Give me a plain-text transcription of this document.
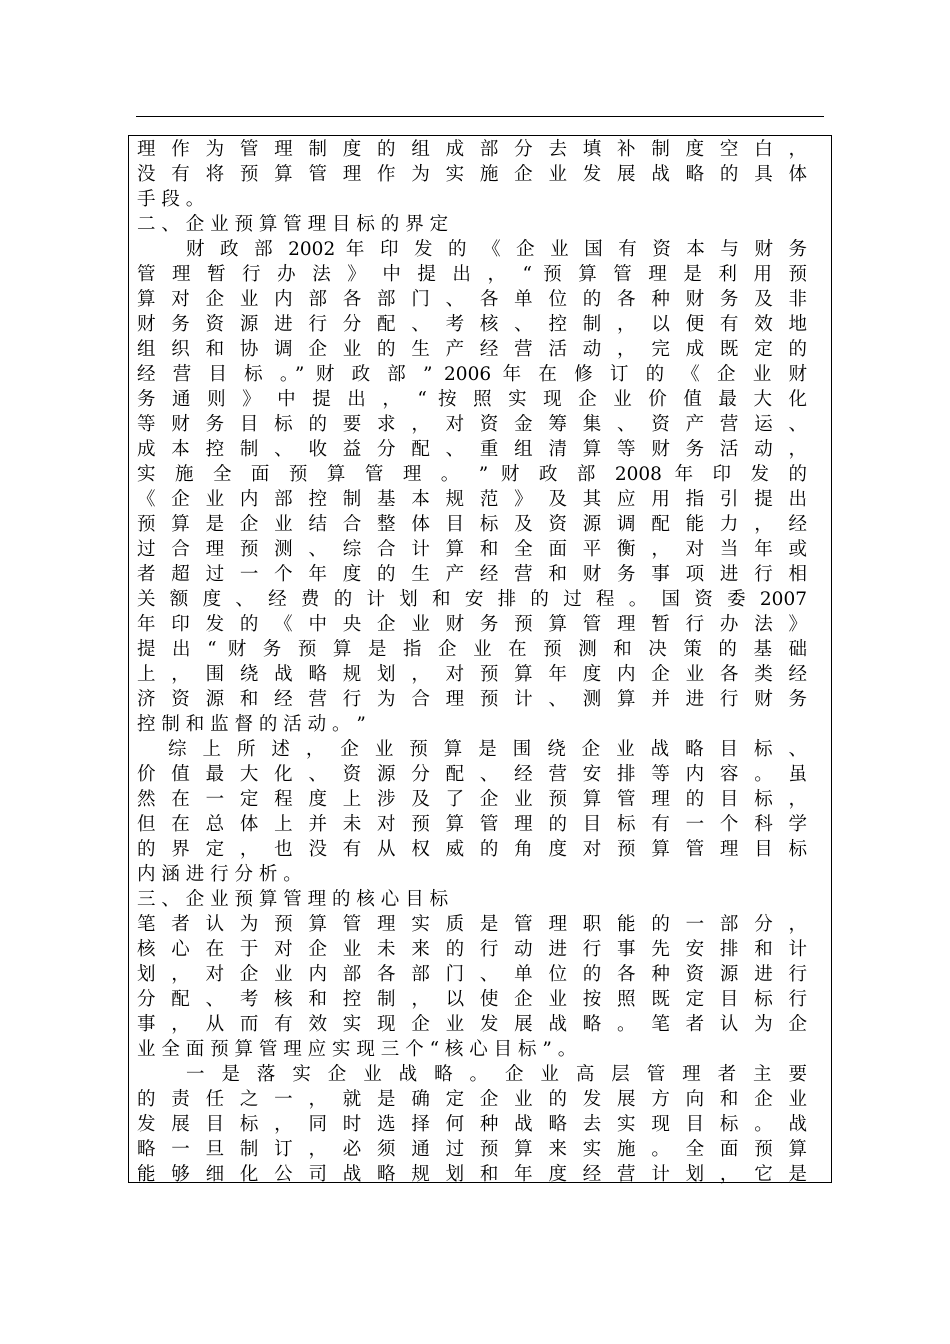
理 作 为 管 理 制 度 的 组 成 部 分 去 填 补 制 度 空 白 ，
没 有 将 预 算 管 理 作 为 实 施 企 业 发 展 战 略 的 具 体
手 段 。
二 、 企 业 预 算 管 理 目 标 的 界 定
财 政 部 2002 年 印 发 的 《 企 业 国 有 资 本 与 财 务
管 理 暂 行 办 法 》 中 提 出 ， “ 预 算 管 理 是 利 用 预
算 对 企 业 内 部 各 部 门 、 各 单 位 的 各 种 财 务 及 非
财 务 资 源 进 行 分 配 、 考 核 、 控 制 ， 以 便 有 效 地
组 织 和 协 调 企 业 的 生 产 经 营 活 动 ， 完 成 既 定 的
经 营 目 标 。” 财 政 部 ” 2006 年 在 修 订 的 《 企 业 财
务 通 则 》 中 提 出 ， “ 按 照 实 现 企 业 价 值 最 大 化
等 财 务 目 标 的 要 求 ， 对 资 金 筹 集 、 资 产 营 运 、
成 本 控 制 、 收 益 分 配 、 重 组 清 算 等 财 务 活 动 ，
实 施 全 面 预 算 管 理 。 ” 财 政 部 2008 年 印 发 的
《 企 业 内 部 控 制 基 本 规 范 》 及 其 应 用 指 引 提 出
预 算 是 企 业 结 合 整 体 目 标 及 资 源 调 配 能 力 ， 经
过 合 理 预 测 、 综 合 计 算 和 全 面 平 衡 ， 对 当 年 或
者 超 过 一 个 年 度 的 生 产 经 营 和 财 务 事 项 进 行 相
关 额 度 、 经 费 的 计 划 和 安 排 的 过 程 。 国 资 委 2007
年 印 发 的 《 中 央 企 业 财 务 预 算 管 理 暂 行 办 法 》
提 出 “ 财 务 预 算 是 指 企 业 在 预 测 和 决 策 的 基 础
上 ， 围 绕 战 略 规 划 ， 对 预 算 年 度 内 企 业 各 类 经
济 资 源 和 经 营 行 为 合 理 预 计 、 测 算 并 进 行 财 务
控 制 和 监 督 的 活 动 。 ”
综 上 所 述 ， 企 业 预 算 是 围 绕 企 业 战 略 目 标 、
价 值 最 大 化 、 资 源 分 配 、 经 营 安 排 等 内 容 。 虽
然 在 一 定 程 度 上 涉 及 了 企 业 预 算 管 理 的 目 标 ，
但 在 总 体 上 并 未 对 预 算 管 理 的 目 标 有 一 个 科 学
的 界 定 ， 也 没 有 从 权 威 的 角 度 对 预 算 管 理 目 标
内 涵 进 行 分 析 。
三 、 企 业 预 算 管 理 的 核 心 目 标
笔 者 认 为 预 算 管 理 实 质 是 管 理 职 能 的 一 部 分 ，
核 心 在 于 对 企 业 未 来 的 行 动 进 行 事 先 安 排 和 计
划 ， 对 企 业 内 部 各 部 门 、 单 位 的 各 种 资 源 进 行
分 配 、 考 核 和 控 制 ， 以 使 企 业 按 照 既 定 目 标 行
事 ， 从 而 有 效 实 现 企 业 发 展 战 略 。 笔 者 认 为 企
业 全 面 预 算 管 理 应 实 现 三 个 “ 核 心 目 标 ” 。
一 是 落 实 企 业 战 略 。 企 业 高 层 管 理 者 主 要
的 责 任 之 一 ， 就 是 确 定 企 业 的 发 展 方 向 和 企 业
发 展 目 标 ， 同 时 选 择 何 种 战 略 去 实 现 目 标 。 战
略 一 旦 制 订 ， 必 须 通 过 预 算 来 实 施 。 全 面 预 算
能 够 细 化 公 司 战 略 规 划 和 年 度 经 营 计 划 ， 它 是
